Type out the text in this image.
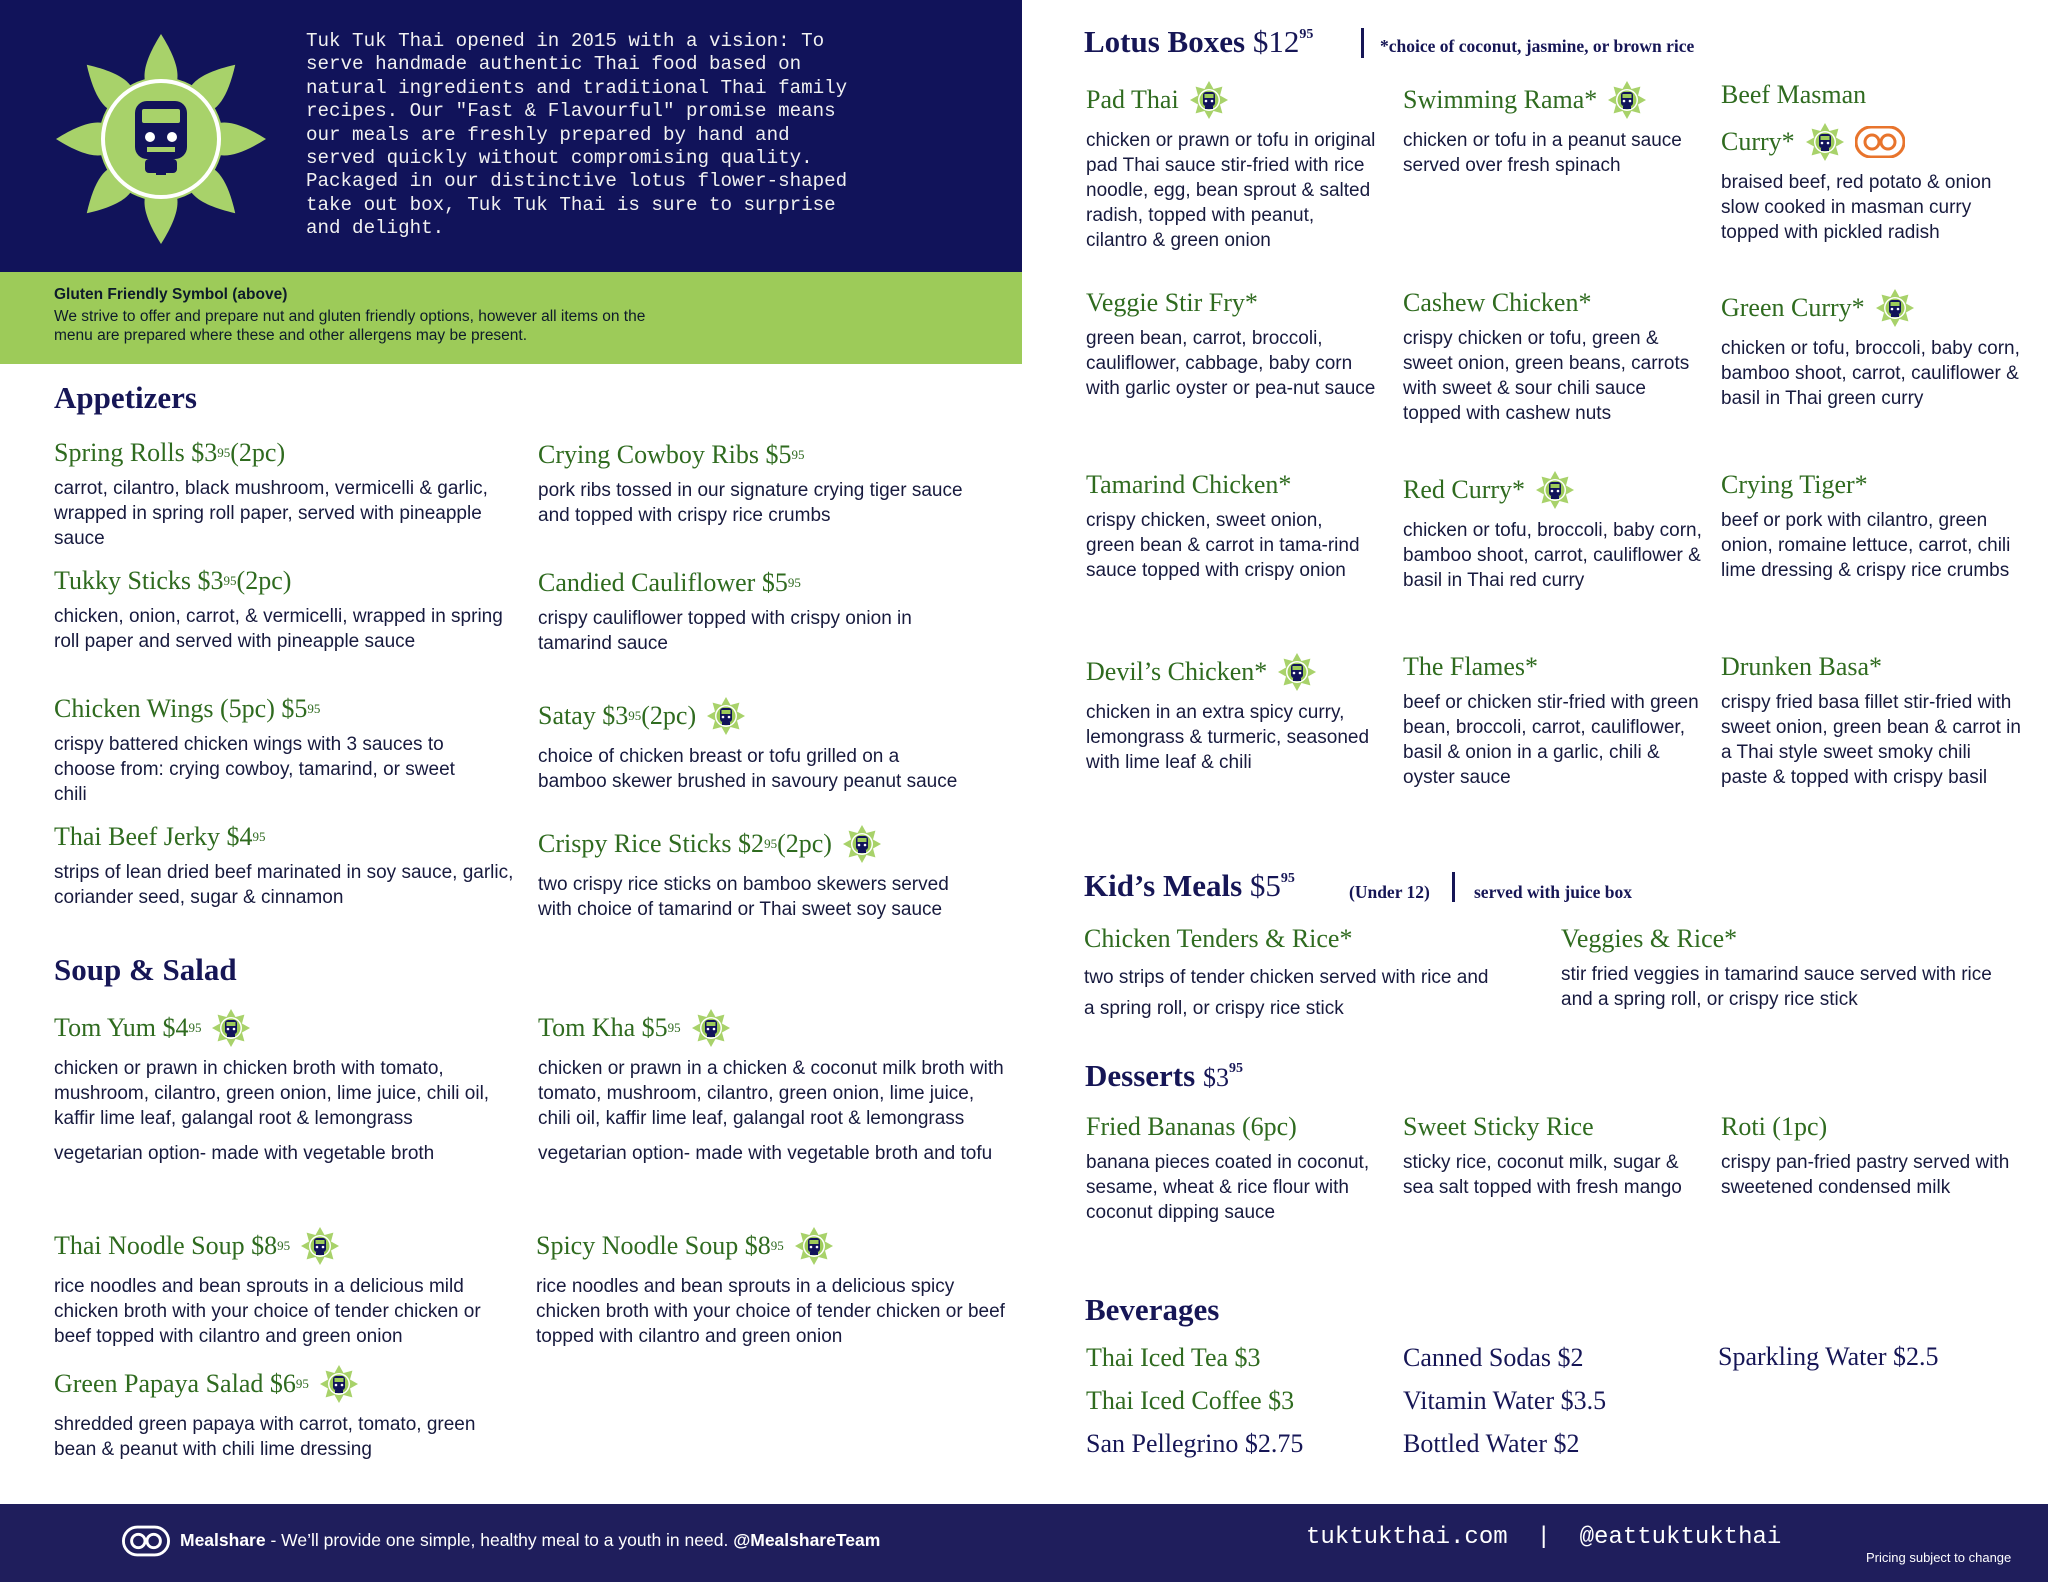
Tuk Tuk Thai opened in 2015 with a vision: To
serve handmade authentic Thai food based on
natural ingredients and traditional Thai family
recipes. Our "Fast & Flavourful" promise means
our meals are freshly prepared by hand and
served quickly without compromising quality.
Packaged in our distinctive lotus flower-shaped
take out box, Tuk Tuk Thai is sure to surprise
and delight.
Gluten Friendly Symbol (above)
We strive to offer and prepare nut and gluten friendly options, however all items on the menu are prepared where these and other allergens may be present.
Appetizers
Spring Rolls $3 95 (2pc)
carrot, cilantro, black mushroom, vermicelli & garlic, wrapped in spring roll paper, served with pineapple sauce
Tukky Sticks $3 95 (2pc)
chicken, onion, carrot, & vermicelli, wrapped in spring roll paper and served with pineapple sauce
Chicken Wings (5pc) $5 95
crispy battered chicken wings with 3 sauces to choose from: crying cowboy, tamarind, or sweet chili
Thai Beef Jerky $4 95
strips of lean dried beef marinated in soy sauce, garlic, coriander seed, sugar & cinnamon
Crying Cowboy Ribs $5 95
pork ribs tossed in our signature crying tiger sauce and topped with crispy rice crumbs
Candied Cauliflower $5 95
crispy cauliflower topped with crispy onion in tamarind sauce
Satay $3 95 (2pc)
choice of chicken breast or tofu grilled on a bamboo skewer brushed in savoury peanut sauce
Crispy Rice Sticks $2 95 (2pc)
two crispy rice sticks on bamboo skewers served with choice of tamarind or Thai sweet soy sauce
Soup & Salad
Tom Yum $4 95
chicken or prawn in chicken broth with tomato, mushroom, cilantro, green onion, lime juice, chili oil, kaffir lime leaf, galangal root & lemongrass
vegetarian option- made with vegetable broth
Thai Noodle Soup $8 95
rice noodles and bean sprouts in a delicious mild chicken broth with your choice of tender chicken or beef topped with cilantro and green onion
Green Papaya Salad $6 95
shredded green papaya with carrot, tomato, green bean & peanut with chili lime dressing
Tom Kha $5 95
chicken or prawn in a chicken & coconut milk broth with tomato, mushroom, cilantro, green onion, lime juice, chili oil, kaffir lime leaf, galangal root & lemongrass
vegetarian option- made with vegetable broth and tofu
Spicy Noodle Soup $8 95
rice noodles and bean sprouts in a delicious spicy chicken broth with your choice of tender chicken or beef topped with cilantro and green onion
Lotus Boxes $\$12^{95}$
*choice of coconut, jasmine, or brown rice
Pad Thai
chicken or prawn or tofu in original pad Thai sauce stir-fried with rice noodle, egg, bean sprout & salted radish, topped with peanut, cilantro & green onion
Swimming Rama*
chicken or tofu in a peanut sauce served over fresh spinach
Beef Masman
Curry*
braised beef, red potato & onion slow cooked in masman curry topped with pickled radish
Veggie Stir Fry*
green bean, carrot, broccoli, cauliflower, cabbage, baby corn with garlic oyster or pea-nut sauce
Cashew Chicken*
crispy chicken or tofu, green & sweet onion, green beans, carrots with sweet & sour chili sauce topped with cashew nuts
Green Curry*
chicken or tofu, broccoli, baby corn, bamboo shoot, carrot, cauliflower & basil in Thai green curry
Tamarind Chicken*
crispy chicken, sweet onion, green bean & carrot in tama-rind sauce topped with crispy onion
Red Curry*
chicken or tofu, broccoli, baby corn, bamboo shoot, carrot, cauliflower & basil in Thai red curry
Crying Tiger*
beef or pork with cilantro, green onion, romaine lettuce, carrot, chili lime dressing & crispy rice crumbs
Devil’s Chicken*
chicken in an extra spicy curry, lemongrass & turmeric, seasoned with lime leaf & chili
The Flames*
beef or chicken stir-fried with green bean, broccoli, carrot, cauliflower, basil & onion in a garlic, chili & oyster sauce
Drunken Basa*
crispy fried basa fillet stir-fried with sweet onion, green bean & carrot in a Thai style sweet smoky chili paste & topped with crispy basil
Kid’s Meals $\$5^{95}$
(Under 12)	served with juice box
Chicken Tenders & Rice*
two strips of tender chicken served with rice and a spring roll, or crispy rice stick
Veggies & Rice*
stir fried veggies in tamarind sauce served with rice and a spring roll, or crispy rice stick
Desserts $\$3^{95}$
Fried Bananas (6pc)
banana pieces coated in coconut, sesame, wheat & rice flour with coconut dipping sauce
Sweet Sticky Rice
sticky rice, coconut milk, sugar & sea salt topped with fresh mango
Roti (1pc)
crispy pan-fried pastry served with sweetened condensed milk
Beverages
Thai Iced Tea $3
Thai Iced Coffee $3
San Pellegrino $2.75
Canned Sodas $2
Vitamin Water $3.5
Bottled Water $2
Sparkling Water $2.5
Mealshare - We’ll provide one simple, healthy meal to a youth in need. @MealshareTeam	tuktukthai.com  |  @eattuktukthai
Pricing subject to change
